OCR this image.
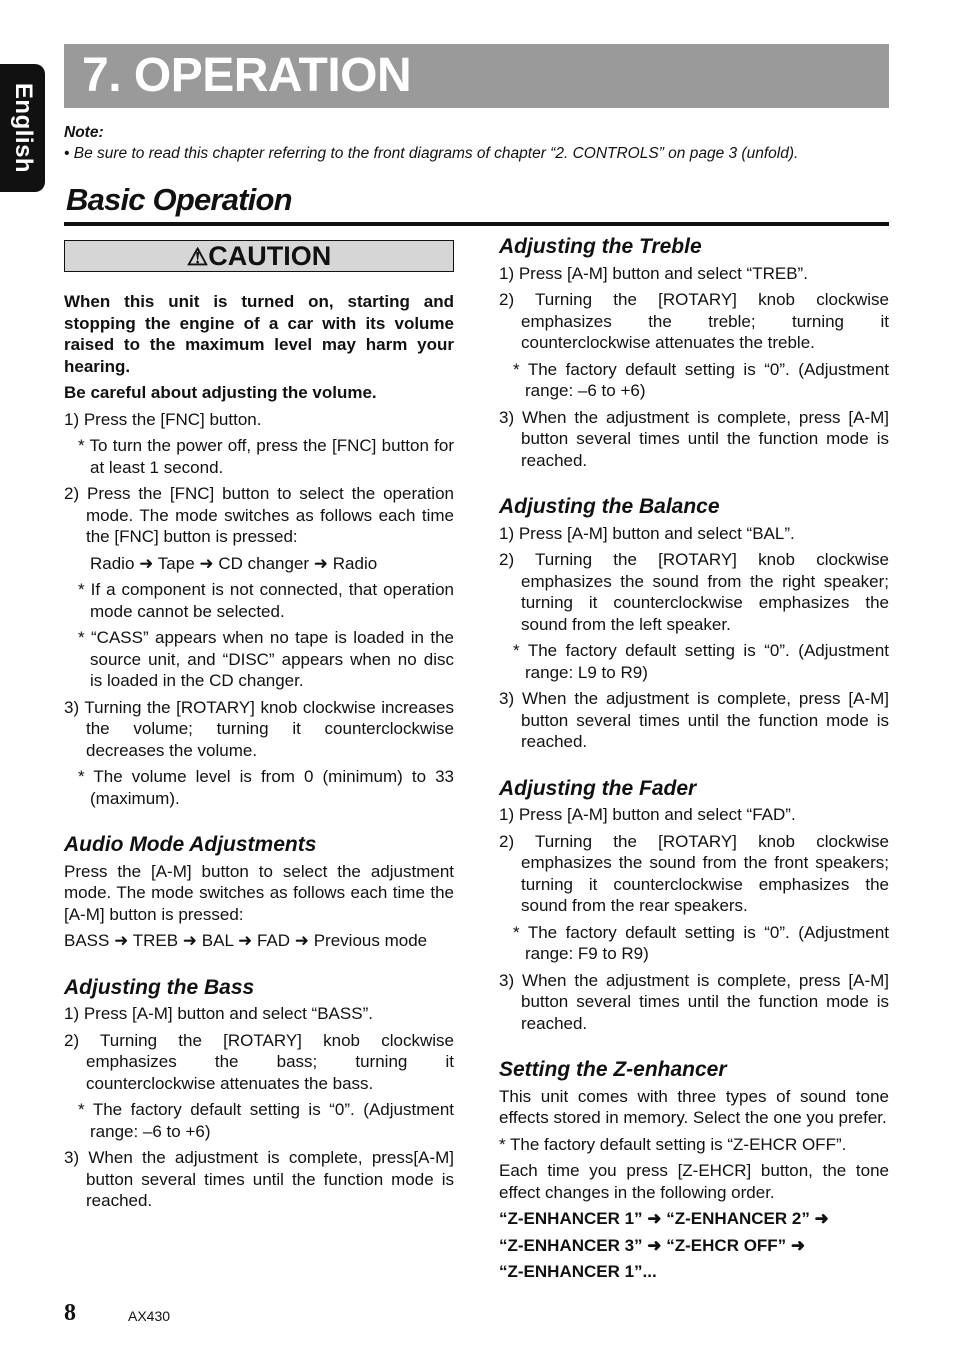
English
7. OPERATION
Note:
• Be sure to read this chapter referring to the front diagrams of chapter “2. CONTROLS” on page 3 (unfold).
Basic Operation
⚠CAUTION

When this unit is turned on, starting and stopping the engine of a car with its volume raised to the maximum level may harm your hearing.

Be careful about adjusting the volume.

1) Press the [FNC] button.

* To turn the power off, press the [FNC] button for at least 1 second.

2) Press the [FNC] button to select the operation mode. The mode switches as follows each time the [FNC] button is pressed:

Radio ➜ Tape ➜ CD changer ➜ Radio

* If a component is not connected, that operation mode cannot be selected.

* “CASS” appears when no tape is loaded in the source unit, and “DISC” appears when no disc is loaded in the CD changer.

3) Turning the [ROTARY] knob clockwise increases the volume; turning it counterclockwise decreases the volume.

* The volume level is from 0 (minimum) to 33 (maximum).

Audio Mode Adjustments

Press the [A-M] button to select the adjustment mode. The mode switches as follows each time the [A-M] button is pressed:

BASS ➜ TREB ➜ BAL ➜ FAD ➜ Previous mode

Adjusting the Bass

1) Press [A-M] button and select “BASS”.

2) Turning the [ROTARY] knob clockwise emphasizes the bass; turning it counterclockwise attenuates the bass.

* The factory default setting is “0”. (Adjustment range: –6 to +6)

3) When the adjustment is complete, press[A-M] button several times until the function mode is reached.

Adjusting the Treble

1) Press [A-M] button and select “TREB”.

2) Turning the [ROTARY] knob clockwise emphasizes the treble; turning it counterclockwise attenuates the treble.

* The factory default setting is “0”. (Adjustment range: –6 to +6)

3) When the adjustment is complete, press [A-M] button several times until the function mode is reached.

Adjusting the Balance

1) Press [A-M] button and select “BAL”.

2) Turning the [ROTARY] knob clockwise emphasizes the sound from the right speaker; turning it counterclockwise emphasizes the sound from the left speaker.

* The factory default setting is “0”. (Adjustment range: L9 to R9)

3) When the adjustment is complete, press [A-M] button several times until the function mode is reached.

Adjusting the Fader

1) Press [A-M] button and select “FAD”.

2) Turning the [ROTARY] knob clockwise emphasizes the sound from the front speakers; turning it counterclockwise emphasizes the sound from the rear speakers.

* The factory default setting is “0”. (Adjustment range: F9 to R9)

3) When the adjustment is complete, press [A-M] button several times until the function mode is reached.

Setting the Z-enhancer

This unit comes with three types of sound tone effects stored in memory. Select the one you prefer.

* The factory default setting is “Z-EHCR OFF”.

Each time you press [Z-EHCR] button, the tone effect changes in the following order.

“Z-ENHANCER 1” ➜ “Z-ENHANCER 2” ➜

“Z-ENHANCER 3” ➜ “Z-EHCR OFF” ➜

“Z-ENHANCER 1”...

8	AX430
